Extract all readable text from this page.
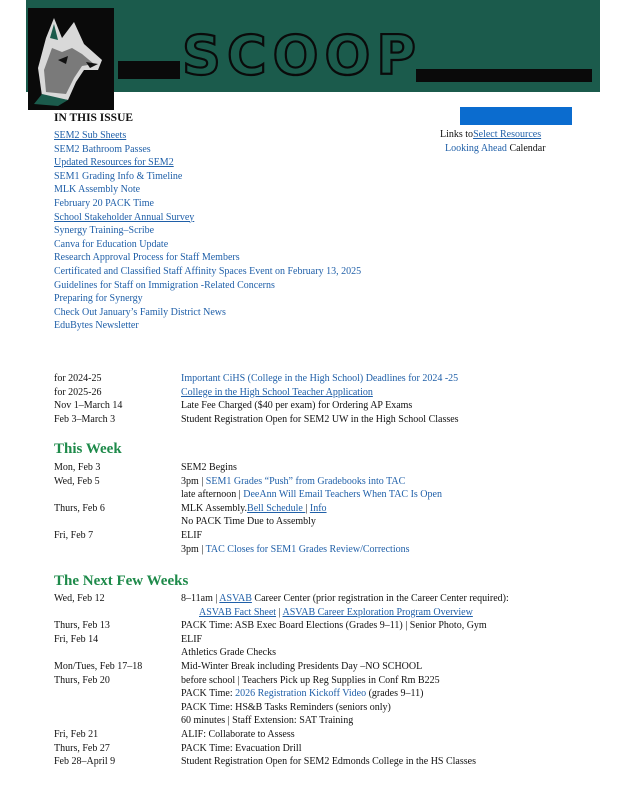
SCOOP
IN THIS ISSUE
SEM2 Sub Sheets
SEM2 Bathroom Passes
Updated Resources for SEM2
SEM1 Grading Info & Timeline
MLK Assembly Note
February 20 PACK Time
School Stakeholder Annual Survey
Synergy Training–Scribe
Canva for Education Update
Research Approval Process for Staff Members
Certificated and Classified Staff Affinity Spaces Event on February 13, 2025
Guidelines for Staff on Immigration -Related Concerns
Preparing for Synergy
Check Out January’s Family District News
EduBytes Newsletter
Links toSelect Resources
Looking Ahead Calendar
for 2024-25	Important CiHS (College in the High School) Deadlines for 2024 -25
for 2025-26	College in the High School Teacher Application
Nov 1–March 14	Late Fee Charged ($40 per exam) for Ordering AP Exams
Feb 3–March 3	Student Registration Open for SEM2 UW in the High School Classes
This Week
Mon, Feb 3	SEM2 Begins
Wed, Feb 5	3pm | SEM1 Grades “Push” from Gradebooks into TAC
late afternoon | DeeAnn Will Email Teachers When TAC Is Open
Thurs, Feb 6	MLK Assembly.Bell Schedule | Info
No PACK Time Due to Assembly
Fri, Feb 7	ELIF
3pm | TAC Closes for SEM1 Grades Review/Corrections
The Next Few Weeks
Wed, Feb 12	8–11am | ASVAB Career Center (prior registration in the Career Center required):
ASVAB Fact Sheet | ASVAB Career Exploration Program Overview
Thurs, Feb 13	PACK Time: ASB Exec Board Elections (Grades 9–11) | Senior Photo, Gym
Fri, Feb 14	ELIF
Athletics Grade Checks
Mon/Tues, Feb 17–18	Mid-Winter Break including Presidents Day –NO SCHOOL
Thurs, Feb 20	before school | Teachers Pick up Reg Supplies in Conf Rm B225
PACK Time: 2026 Registration Kickoff Video (grades 9–11)
PACK Time: HS&B Tasks Reminders (seniors only)
60 minutes | Staff Extension: SAT Training
Fri, Feb 21	ALIF: Collaborate to Assess
Thurs, Feb 27	PACK Time: Evacuation Drill
Feb 28–April 9	Student Registration Open for SEM2 Edmonds College in the HS Classes
